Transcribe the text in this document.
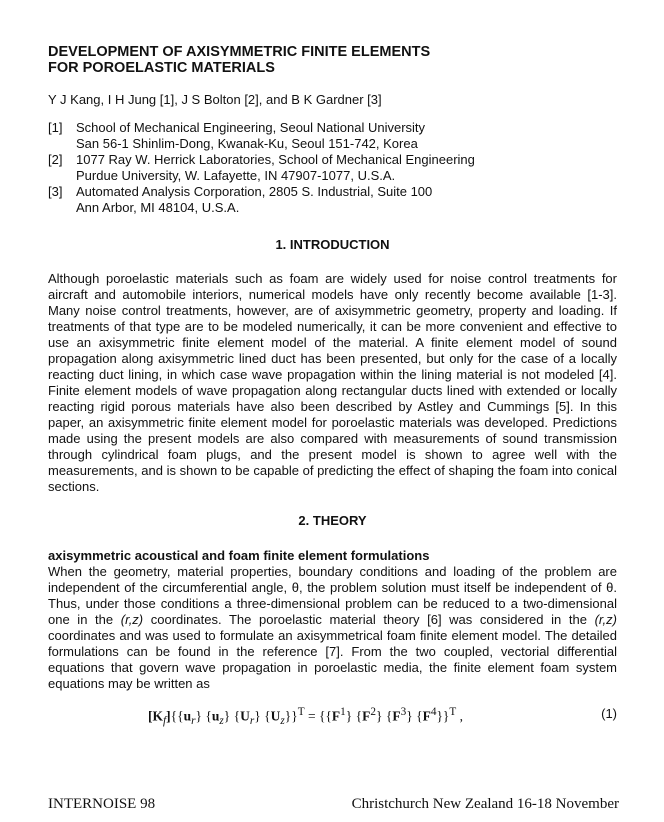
DEVELOPMENT OF AXISYMMETRIC FINITE ELEMENTS
FOR POROELASTIC MATERIALS
Y J Kang, I H Jung [1], J S Bolton [2], and B K Gardner [3]
[1]	School of Mechanical Engineering, Seoul National University
San 56-1 Shinlim-Dong, Kwanak-Ku, Seoul 151-742, Korea
[2]	1077 Ray W. Herrick Laboratories, School of Mechanical Engineering
Purdue University, W. Lafayette, IN 47907-1077, U.S.A.
[3]	Automated Analysis Corporation, 2805 S. Industrial, Suite 100
Ann Arbor, MI 48104, U.S.A.
1. INTRODUCTION

Although poroelastic materials such as foam are widely used for noise control treatments for aircraft and automobile interiors, numerical models have only recently become available [1-3]. Many noise control treatments, however, are of axisymmetric geometry, property and loading. If treatments of that type are to be modeled numerically, it can be more convenient and effective to use an axisymmetric finite element model of the material. A finite element model of sound propagation along axisymmetric lined duct has been presented, but only for the case of a locally reacting duct lining, in which case wave propagation within the lining material is not modeled [4]. Finite element models of wave propagation along rectangular ducts lined with extended or locally reacting rigid porous materials have also been described by Astley and Cummings [5]. In this paper, an axisymmetric finite element model for poroelastic materials was developed. Predictions made using the present models are also compared with measurements of sound transmission through cylindrical foam plugs, and the present model is shown to agree well with the measurements, and is shown to be capable of predicting the effect of shaping the foam into conical sections.

2. THEORY
axisymmetric acoustical and foam finite element formulations

When the geometry, material properties, boundary conditions and loading of the problem are independent of the circumferential angle, θ, the problem solution must itself be independent of θ. Thus, under those conditions a three-dimensional problem can be reduced to a two-dimensional one in the (r,z) coordinates. The poroelastic material theory [6] was considered in the (r,z) coordinates and was used to formulate an axisymmetrical foam finite element model. The detailed formulations can be found in the reference [7]. From the two coupled, vectorial differential equations that govern wave propagation in poroelastic media, the finite element foam system equations may be written as

$[K_f]\{\{u_r\}$ $\{u_z\}$ $\{U_r\} \{U_z\}\}^T = \{\{F^1\}$ $\{F^2\}$ $\{F^3\}$ $\{F^4\}\}^T$ ,	(1)
INTERNOISE 98	Christchurch New Zealand 16-18 November
